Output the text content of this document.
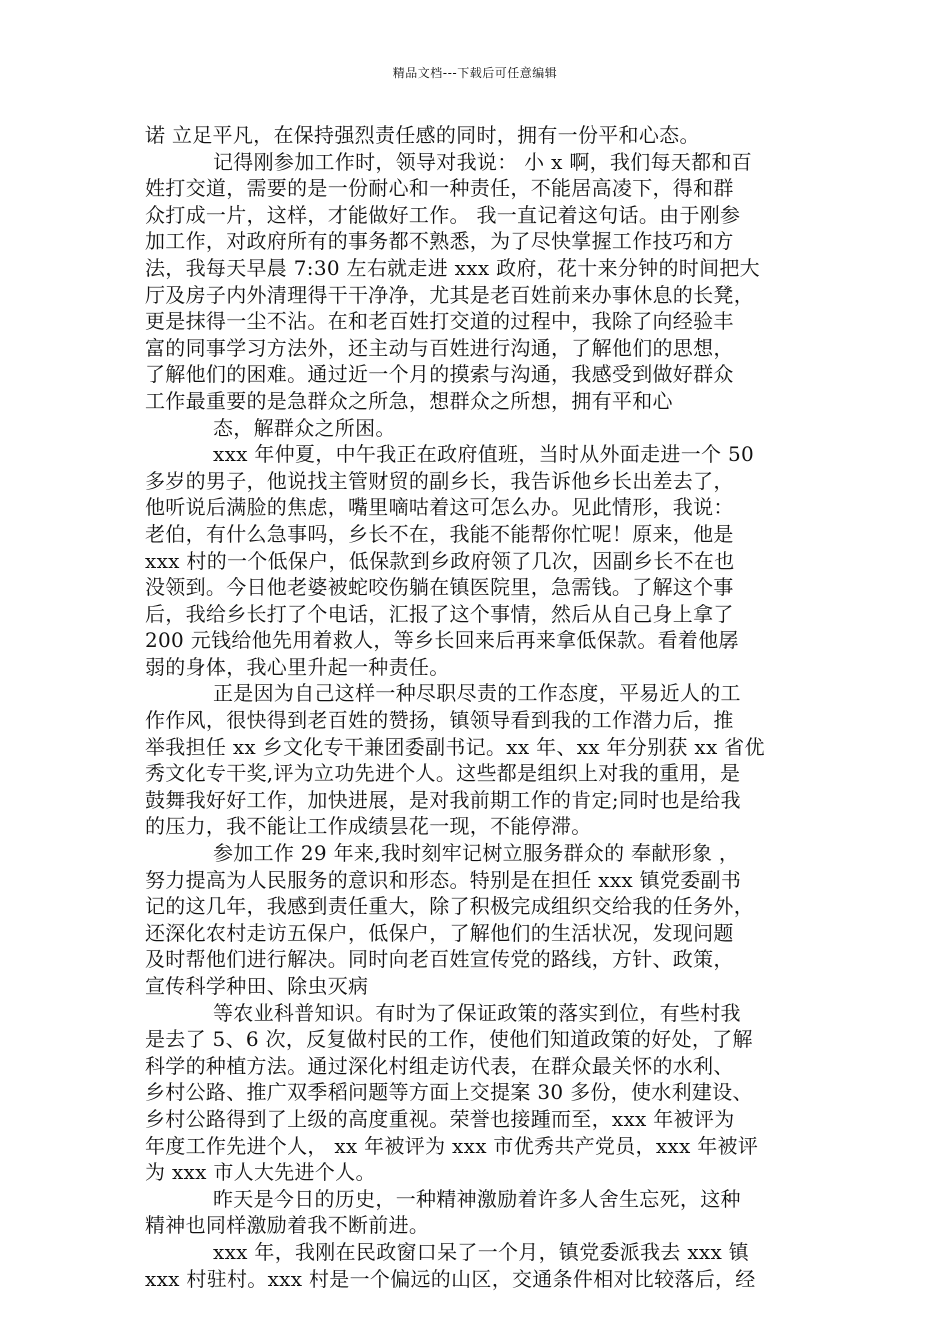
精品文档---下载后可任意编辑
诺 立足平凡，在保持强烈责任感的同时，拥有一份平和心态。
记得刚参加工作时，领导对我说： 小 x 啊，我们每天都和百
姓打交道，需要的是一份耐心和一种责任，不能居高凌下，得和群
众打成一片，这样，才能做好工作。 我一直记着这句话。由于刚参
加工作，对政府所有的事务都不熟悉，为了尽快掌握工作技巧和方
法，我每天早晨 7:30 左右就走进 xxx 政府，花十来分钟的时间把大
厅及房子内外清理得干干净净，尤其是老百姓前来办事休息的长凳，
更是抹得一尘不沾。在和老百姓打交道的过程中，我除了向经验丰
富的同事学习方法外，还主动与百姓进行沟通，了解他们的思想，
了解他们的困难。通过近一个月的摸索与沟通，我感受到做好群众
工作最重要的是急群众之所急，想群众之所想，拥有平和心
态，解群众之所困。
xxx 年仲夏，中午我正在政府值班，当时从外面走进一个 50
多岁的男子，他说找主管财贸的副乡长，我告诉他乡长出差去了，
他听说后满脸的焦虑，嘴里嘀咕着这可怎么办。见此情形，我说：
老伯，有什么急事吗，乡长不在，我能不能帮你忙呢！原来，他是
xxx 村的一个低保户，低保款到乡政府领了几次，因副乡长不在也
没领到。今日他老婆被蛇咬伤躺在镇医院里，急需钱。了解这个事
后，我给乡长打了个电话，汇报了这个事情，然后从自己身上拿了
200 元钱给他先用着救人，等乡长回来后再来拿低保款。看着他孱
弱的身体，我心里升起一种责任。
正是因为自己这样一种尽职尽责的工作态度，平易近人的工
作作风，很快得到老百姓的赞扬，镇领导看到我的工作潜力后，推
举我担任 xx 乡文化专干兼团委副书记。xx 年、xx 年分别获 xx 省优
秀文化专干奖,评为立功先进个人。这些都是组织上对我的重用，是
鼓舞我好好工作，加快进展，是对我前期工作的肯定;同时也是给我
的压力，我不能让工作成绩昙花一现，不能停滞。
参加工作 29 年来,我时刻牢记树立服务群众的 奉献形象 ，
努力提高为人民服务的意识和形态。特别是在担任 xxx 镇党委副书
记的这几年，我感到责任重大，除了积极完成组织交给我的任务外，
还深化农村走访五保户，低保户，了解他们的生活状况，发现问题
及时帮他们进行解决。同时向老百姓宣传党的路线，方针、政策，
宣传科学种田、除虫灭病
等农业科普知识。有时为了保证政策的落实到位，有些村我
是去了 5、6 次，反复做村民的工作，使他们知道政策的好处，了解
科学的种植方法。通过深化村组走访代表，在群众最关怀的水利、
乡村公路、推广双季稻问题等方面上交提案 30 多份，使水利建设、
乡村公路得到了上级的高度重视。荣誉也接踵而至，xxx 年被评为
年度工作先进个人， xx 年被评为 xxx 市优秀共产党员，xxx 年被评
为 xxx 市人大先进个人。
昨天是今日的历史，一种精神激励着许多人舍生忘死，这种
精神也同样激励着我不断前进。
xxx 年，我刚在民政窗口呆了一个月，镇党委派我去 xxx 镇
xxx 村驻村。xxx 村是一个偏远的山区，交通条件相对比较落后，经
